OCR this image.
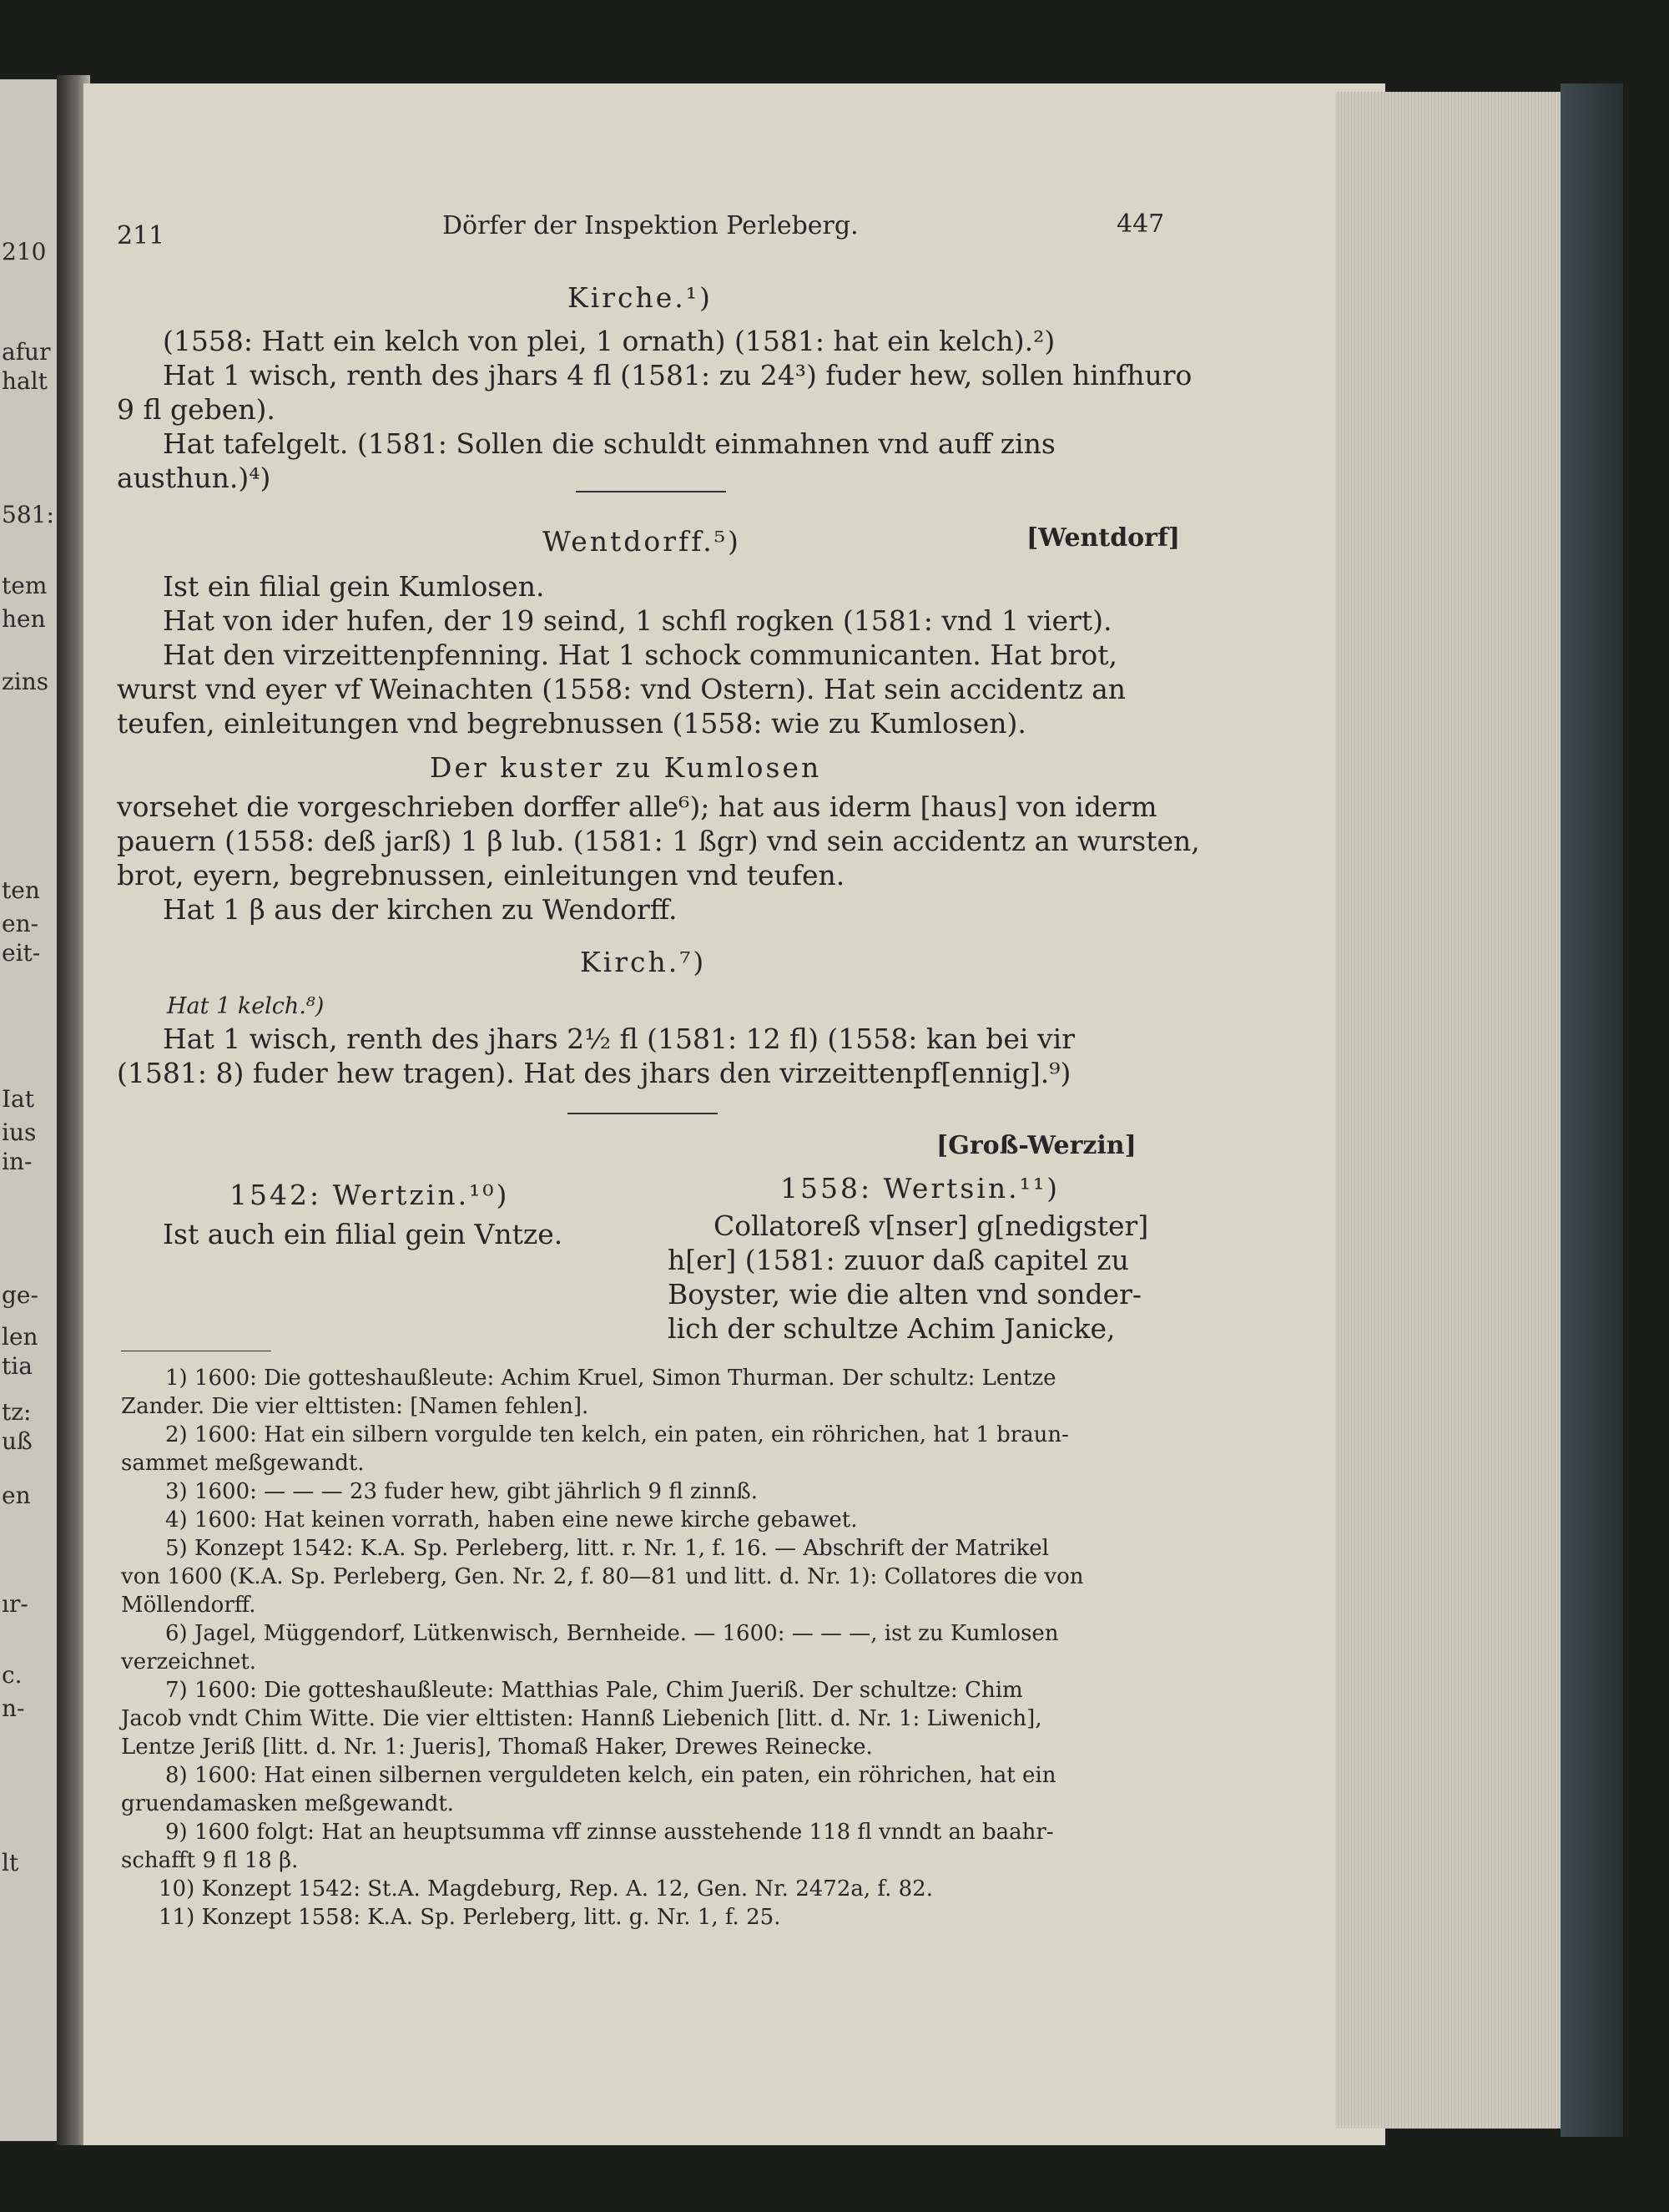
210
afur
halt
581:
tem
hen
zins
ten
en-
eit-
Iat
ius
in-
ge-
len
tia
tz:
uß
en
ır-
c.
n-
lt
211	Dörfer der Inspektion Perleberg.	447
Kirche.¹)
(1558: Hatt ein kelch von plei, 1 ornath) (1581: hat ein kelch).²)
Hat 1 wisch, renth des jhars 4 fl (1581: zu 24³) fuder hew, sollen hinfhuro
9 fl geben).
Hat tafelgelt. (1581: Sollen die schuldt einmahnen vnd auff zins
austhun.)⁴)
Wentdorff.⁵)	[Wentdorf]
Ist ein filial gein Kumlosen.
Hat von ider hufen, der 19 seind, 1 schfl rogken (1581: vnd 1 viert).
Hat den virzeittenpfenning. Hat 1 schock communicanten. Hat brot,
wurst vnd eyer vf Weinachten (1558: vnd Ostern). Hat sein accidentz an
teufen, einleitungen vnd begrebnussen (1558: wie zu Kumlosen).
Der kuster zu Kumlosen
vorsehet die vorgeschrieben dorffer alle⁶); hat aus iderm [haus] von iderm
pauern (1558: deß jarß) 1 β lub. (1581: 1 ßgr) vnd sein accidentz an wursten,
brot, eyern, begrebnussen, einleitungen vnd teufen.
Hat 1 β aus der kirchen zu Wendorff.
Kirch.⁷)
Hat 1 kelch.⁸)
Hat 1 wisch, renth des jhars 2½ fl (1581: 12 fl) (1558: kan bei vir
(1581: 8) fuder hew tragen). Hat des jhars den virzeittenpf[ennig].⁹)
[Groß-Werzin]
1542: Wertzin.¹⁰)
Ist auch ein filial gein Vntze.
1558: Wertsin.¹¹)
Collatoreß v[nser] g[nedigster]
h[er] (1581: zuuor daß capitel zu
Boyster, wie die alten vnd sonder-
lich der schultze Achim Janicke,
1) 1600: Die gotteshaußleute: Achim Kruel, Simon Thurman. Der schultz: Lentze
Zander. Die vier elttisten: [Namen fehlen].
2) 1600: Hat ein silbern vorgulde ten kelch, ein paten, ein röhrichen, hat 1 braun-
sammet meßgewandt.
3) 1600: — — — 23 fuder hew, gibt jährlich 9 fl zinnß.
4) 1600: Hat keinen vorrath, haben eine newe kirche gebawet.
5) Konzept 1542: K.A. Sp. Perleberg, litt. r. Nr. 1, f. 16. — Abschrift der Matrikel
von 1600 (K.A. Sp. Perleberg, Gen. Nr. 2, f. 80—81 und litt. d. Nr. 1): Collatores die von
Möllendorff.
6) Jagel, Müggendorf, Lütkenwisch, Bernheide. — 1600: — — —, ist zu Kumlosen
verzeichnet.
7) 1600: Die gotteshaußleute: Matthias Pale, Chim Jueriß. Der schultze: Chim
Jacob vndt Chim Witte. Die vier elttisten: Hannß Liebenich [litt. d. Nr. 1: Liwenich],
Lentze Jeriß [litt. d. Nr. 1: Jueris], Thomaß Haker, Drewes Reinecke.
8) 1600: Hat einen silbernen verguldeten kelch, ein paten, ein röhrichen, hat ein
gruendamasken meßgewandt.
9) 1600 folgt: Hat an heuptsumma vff zinnse ausstehende 118 fl vnndt an baahr-
schafft 9 fl 18 β.
10) Konzept 1542: St.A. Magdeburg, Rep. A. 12, Gen. Nr. 2472a, f. 82.
11) Konzept 1558: K.A. Sp. Perleberg, litt. g. Nr. 1, f. 25.
